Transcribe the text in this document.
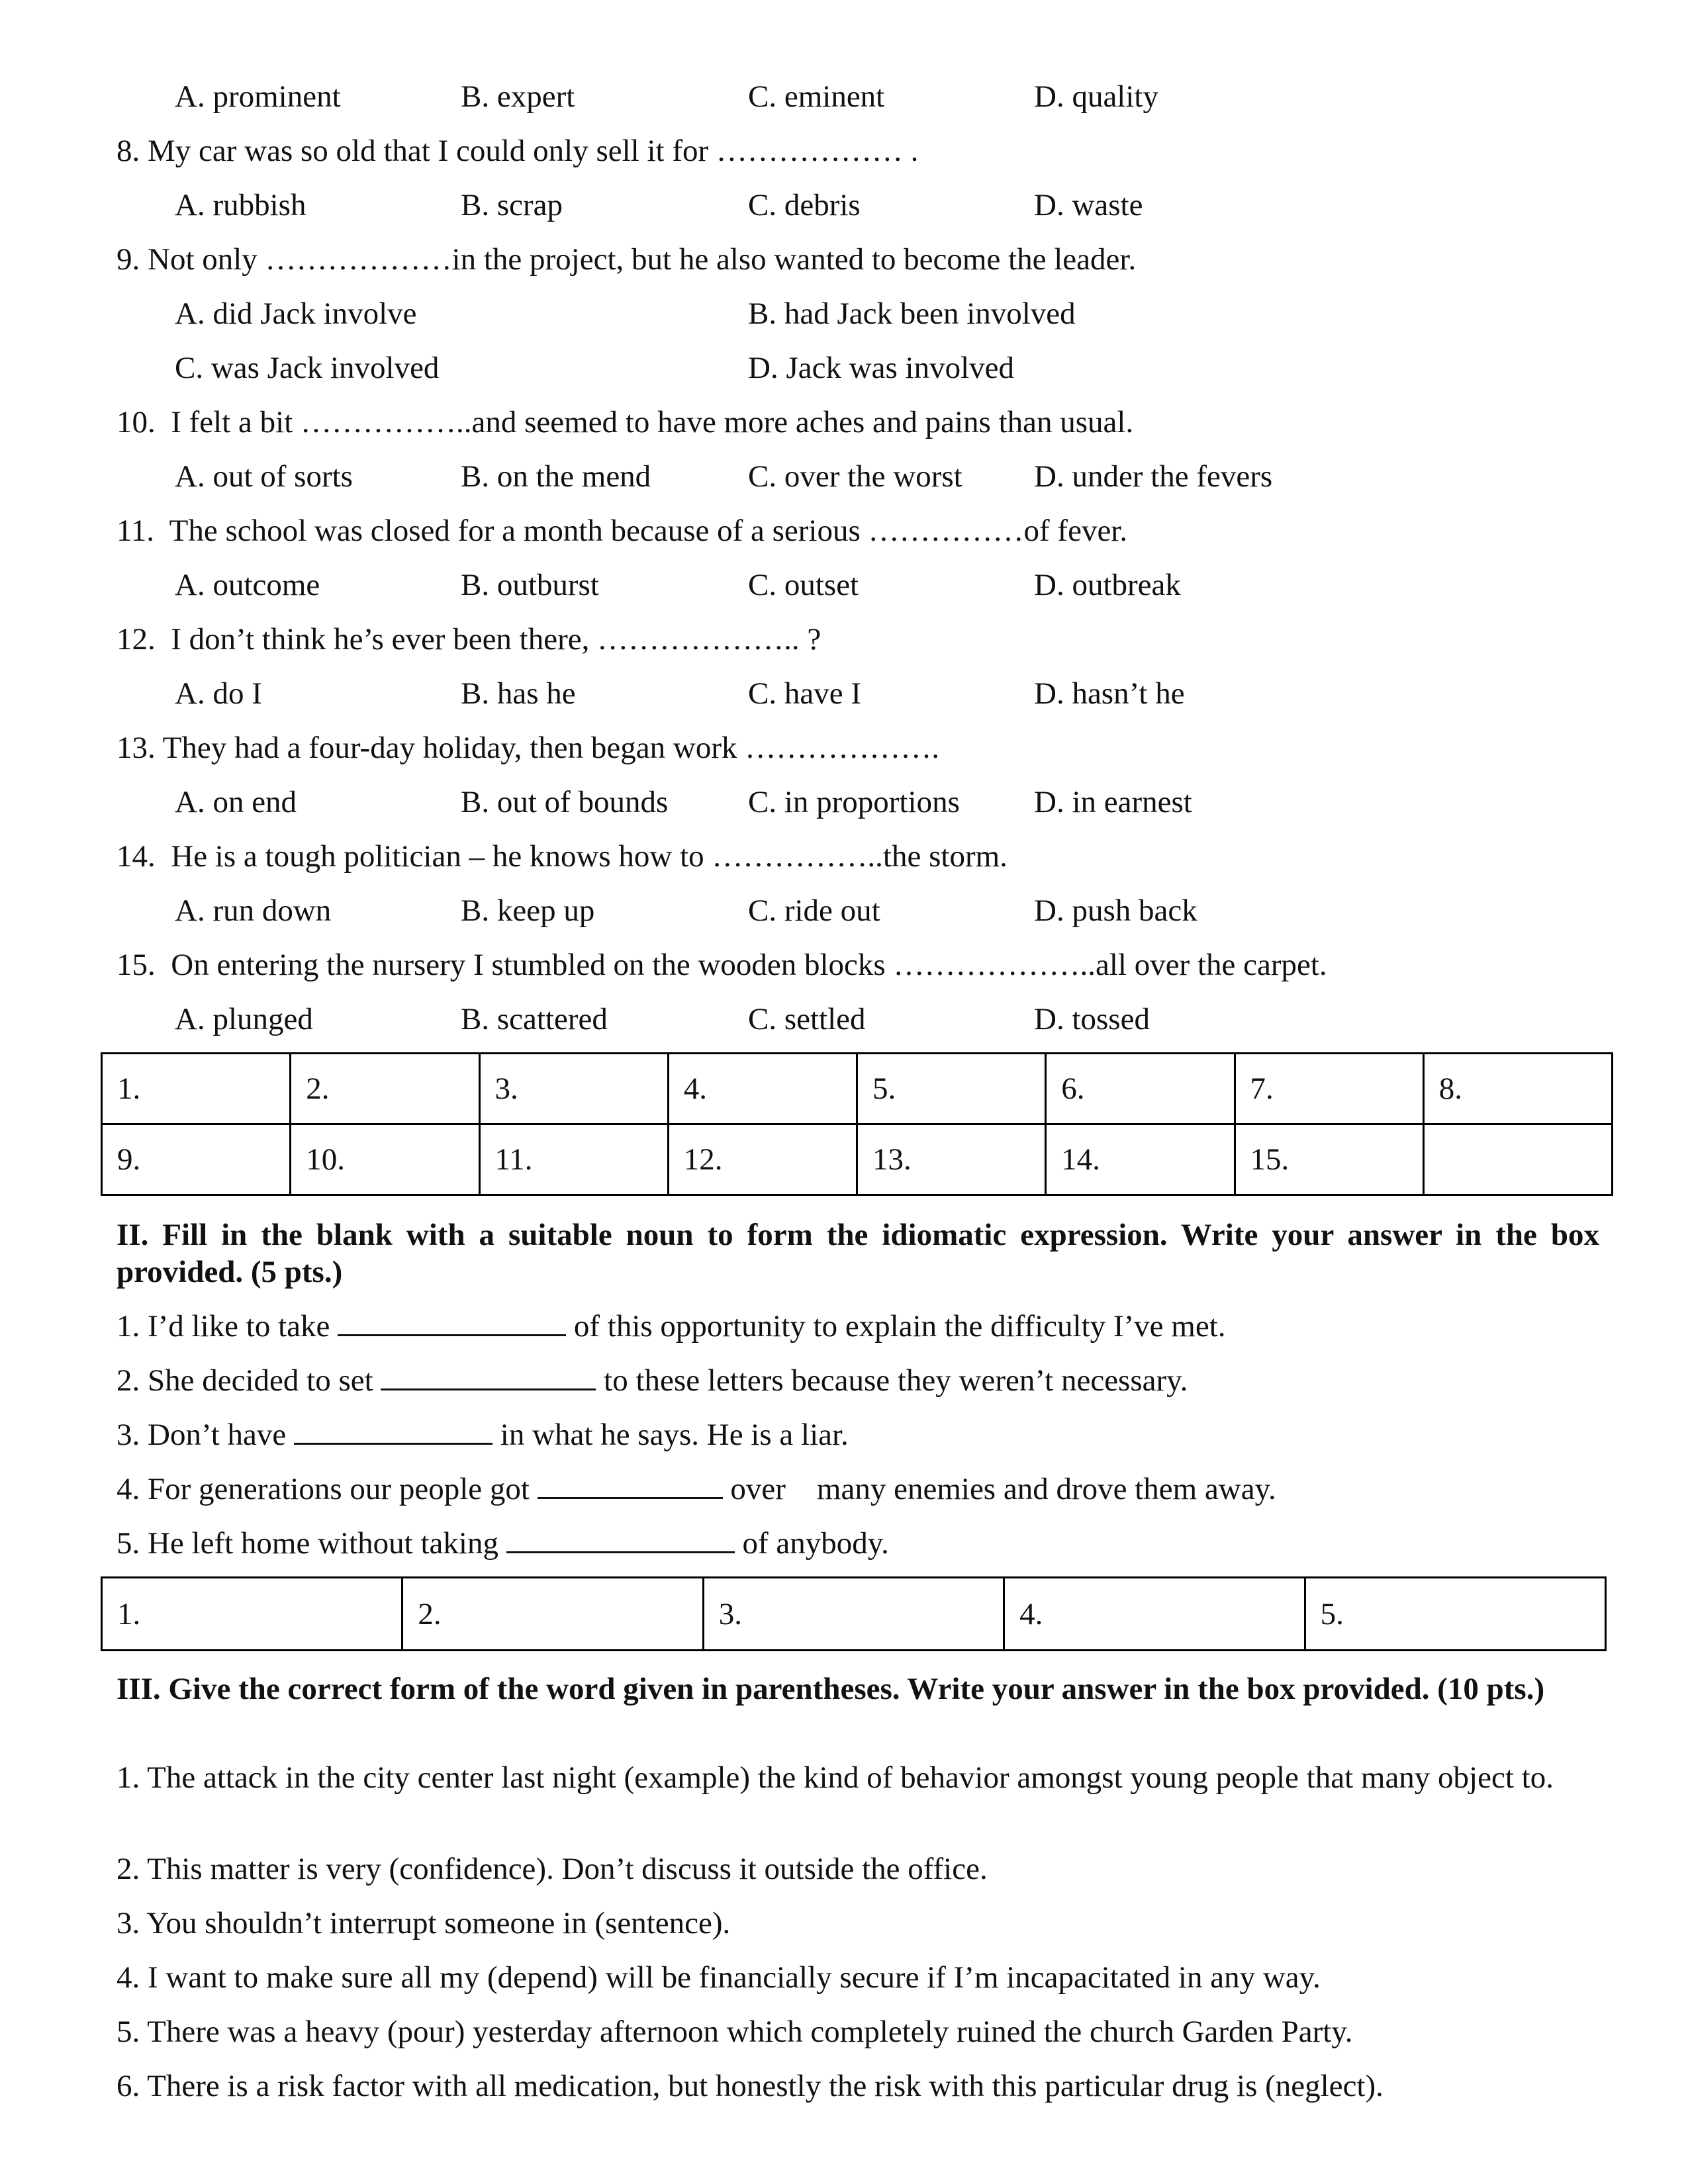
A. prominent	B. expert	C. eminent	D. quality
8. My car was so old that I could only sell it for ……………… .
A. rubbish	B. scrap	C. debris	D. waste
9. Not only ………………in the project, but he also wanted to become the leader.
A. did Jack involve	B. had Jack been involved
C. was Jack involved	D. Jack was involved
10.  I felt a bit ……………..and seemed to have more aches and pains than usual.
A. out of sorts	B. on the mend	C. over the worst D. under the fevers
11.  The school was closed for a month because of a serious ……………of fever.
A. outcome	B. outburst	C. outset	D. outbreak
12.  I don’t think he’s ever been there, ……………….. ?
A. do I	B. has he	C. have I	D. hasn’t he
13. They had a four-day holiday, then began work ……………….
A. on end	B. out of bounds	C. in proportions D. in earnest
14.  He is a tough politician – he knows how to ……………..the storm.
A. run down	B. keep up	C. ride out	D. push back
15.  On entering the nursery I stumbled on the wooden blocks ………………..all over the carpet.
A. plunged	B. scattered	C. settled	D. tossed
1.	2.	3.	4.	5.	6.	7.	8.
9.	10.	11.	12.	13.	14.	15.	
II. Fill in the blank with a suitable noun to form the idiomatic expression. Write your answer in the box provided. (5 pts.)
1. I’d like to take	of this opportunity to explain the difficulty I’ve met.
2. She decided to set	to these letters because they weren’t necessary.
3. Don’t have	in what he says. He is a liar.
4. For generations our people got	over    many enemies and drove them away.
5. He left home without taking	of anybody.
1.	2.	3.	4.	5.
III. Give the correct form of the word given in parentheses. Write your answer in the box provided. (10 pts.)
1. The attack in the city center last night (example) the kind of behavior amongst young people that many object to.
2. This matter is very (confidence). Don’t discuss it outside the office.
3. You shouldn’t interrupt someone in (sentence).
4. I want to make sure all my (depend) will be financially secure if I’m incapacitated in any way.
5. There was a heavy (pour) yesterday afternoon which completely ruined the church Garden Party.
6. There is a risk factor with all medication, but honestly the risk with this particular drug is (neglect).
